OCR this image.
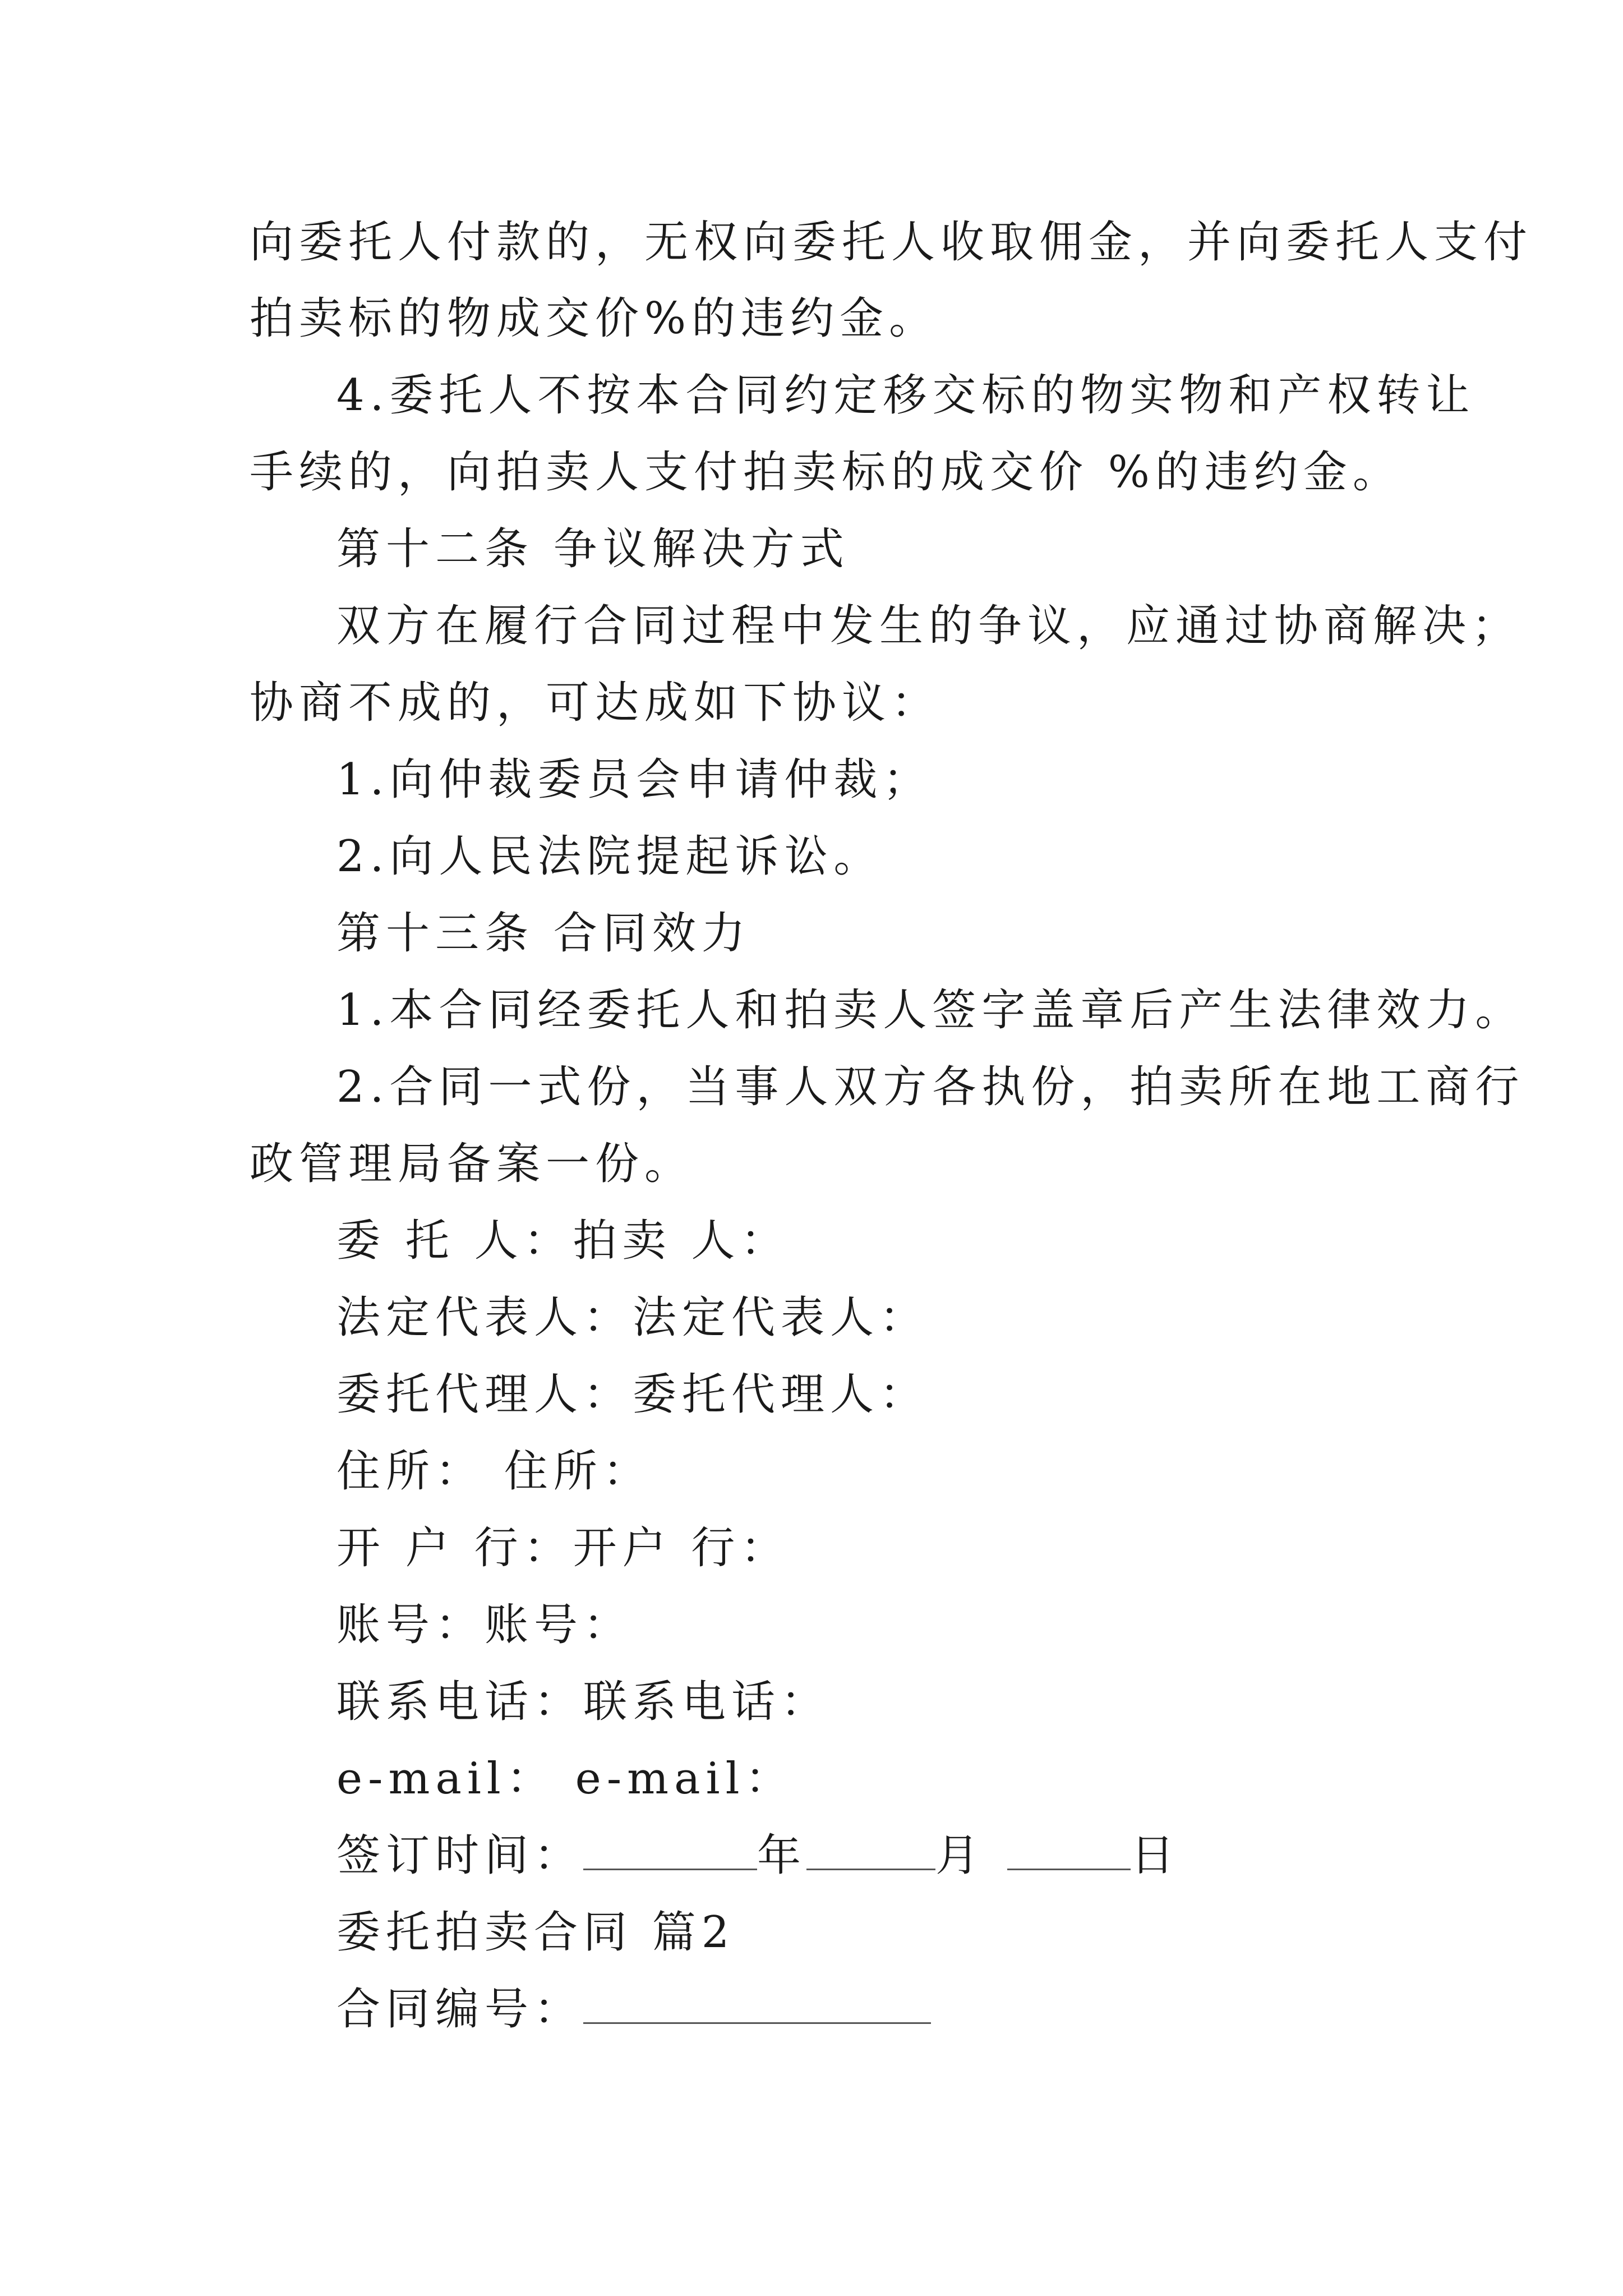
向委托人付款的，无权向委托人收取佣金，并向委托人支付
拍卖标的物成交价%的违约金。
4.委托人不按本合同约定移交标的物实物和产权转让
手续的，向拍卖人支付拍卖标的成交价 %的违约金。
第十二条 争议解决方式
双方在履行合同过程中发生的争议，应通过协商解决；
协商不成的，可达成如下协议：
1.向仲裁委员会申请仲裁；
2.向人民法院提起诉讼。
第十三条 合同效力
1.本合同经委托人和拍卖人签字盖章后产生法律效力。
2.合同一式份，当事人双方各执份，拍卖所在地工商行
政管理局备案一份。
委 托 人：拍卖 人：
法定代表人：法定代表人：
委托代理人：委托代理人：
住所： 住所：
开 户 行：开户 行：
账号：账号：
联系电话：联系电话：
e-mail： e-mail：
签订时间：	年	月	日
委托拍卖合同 篇2
合同编号：
